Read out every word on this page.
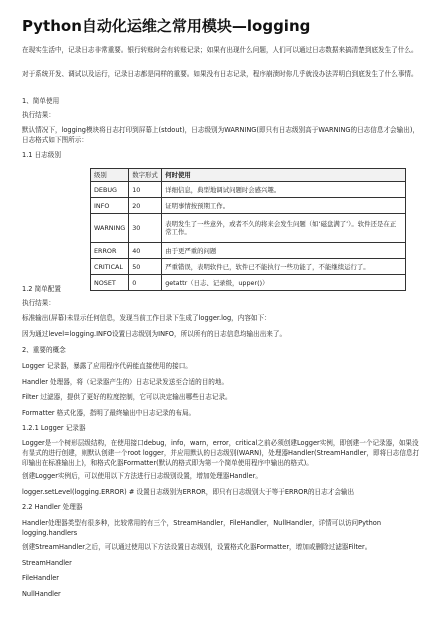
Python自动化运维之常用模块—logging
在现实生活中，记录日志非常重要。银行转账时会有转账记录；如果有出现什么问题，人们可以通过日志数据来搞清楚到底发生了什么。
对于系统开发、调试以及运行，记录日志都是同样的重要。如果没有日志记录，程序崩溃时你几乎就没办法弄明白到底发生了什么事情。
1、简单使用
执行结果：
默认情况下，logging模块将日志打印到屏幕上(stdout)，日志级别为WARNING(即只有日志级别高于WARNING的日志信息才会输出)，日志格式如下图所示：
1.1 日志级别
级别	数字形式	何时使用
DEBUG	10	详细信息，典型地调试问题时会感兴趣。
INFO	20	证明事情按预期工作。
WARNING	30	表明发生了一些意外，或者不久的将来会发生问题（如‘磁盘满了’）。软件还是在正常工作。
ERROR	40	由于更严重的问题
CRITICAL	50	严重错误，表明软件已，软件已不能执行一些功能了，不能继续运行了。
NOSET	0	getattr（日志、记录级，upper()）
1.2 简单配置
执行结果：
标准输出(屏幕)未显示任何信息，发现当前工作目录下生成了logger.log，内容如下：
因为通过level=logging.INFO设置日志级别为INFO，所以所有的日志信息均输出出来了。
2、重要的概念
Logger 记录器，暴露了应用程序代码能直接使用的接口。
Handler 处理器，将（记录器产生的）日志记录发送至合适的目的地。
Filter 过滤器，提供了更好的粒度控制，它可以决定输出哪些日志记录。
Formatter 格式化器，指明了最终输出中日志记录的布局。
1.2.1 Logger 记录器
Logger是一个树形层级结构，在使用接口debug，info，warn，error，critical之前必须创建Logger实例，即创建一个记录器，如果没有显式的进行创建，则默认创建一个root logger，并应用默认的日志级别(WARN)，处理器Handler(StreamHandler，即将日志信息打印输出在标准输出上)，和格式化器Formatter(默认的格式即为第一个简单使用程序中输出的格式)。
创建Logger实例后，可以使用以下方法进行日志级别设置，增加处理器Handler。
logger.setLevel(logging.ERROR) # 设置日志级别为ERROR，即只有日志级别大于等于ERROR的日志才会输出
2.2 Handler 处理器
Handler处理器类型有很多种，比较常用的有三个，StreamHandler，FileHandler，NullHandler，详情可以访问Python logging.handlers
创建StreamHandler之后，可以通过使用以下方法设置日志级别，设置格式化器Formatter，增加或删除过滤器Filter。
StreamHandler
FileHandler
NullHandler
